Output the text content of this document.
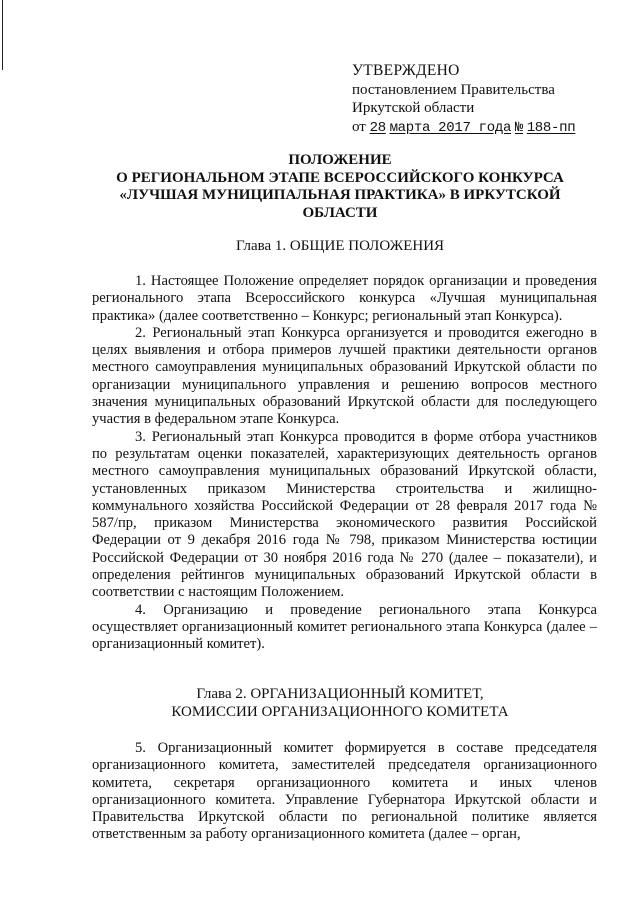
УТВЕРЖДЕНО
постановлением Правительства
Иркутской области
от 28 марта 2017 года № 188-пп
ПОЛОЖЕНИЕ
О РЕГИОНАЛЬНОМ ЭТАПЕ ВСЕРОССИЙСКОГО КОНКУРСА
«ЛУЧШАЯ МУНИЦИПАЛЬНАЯ ПРАКТИКА» В ИРКУТСКОЙ
ОБЛАСТИ
Глава 1. ОБЩИЕ ПОЛОЖЕНИЯ

1. Настоящее Положение определяет порядок организации и проведения регионального этапа Всероссийского конкурса «Лучшая муниципальная практика» (далее соответственно – Конкурс; региональный этап Конкурса).

2. Региональный этап Конкурса организуется и проводится ежегодно в целях выявления и отбора примеров лучшей практики деятельности органов местного самоуправления муниципальных образований Иркутской области по организации муниципального управления и решению вопросов местного значения муниципальных образований Иркутской области для последующего участия в федеральном этапе Конкурса.

3. Региональный этап Конкурса проводится в форме отбора участников по результатам оценки показателей, характеризующих деятельность органов местного самоуправления муниципальных образований Иркутской области, установленных приказом Министерства строительства и жилищно-коммунального хозяйства Российской Федерации от 28 февраля 2017 года № 587/пр, приказом Министерства экономического развития Российской Федерации от 9 декабря 2016 года № 798, приказом Министерства юстиции Российской Федерации от 30 ноября 2016 года № 270 (далее – показатели), и определения рейтингов муниципальных образований Иркутской области в соответствии с настоящим Положением.

4. Организацию и проведение регионального этапа Конкурса осуществляет организационный комитет регионального этапа Конкурса (далее – организационный комитет).

Глава 2. ОРГАНИЗАЦИОННЫЙ КОМИТЕТ,
КОМИССИИ ОРГАНИЗАЦИОННОГО КОМИТЕТА

5. Организационный комитет формируется в составе председателя организационного комитета, заместителей председателя организационного комитета, секретаря организационного комитета и иных членов организационного комитета. Управление Губернатора Иркутской области и Правительства Иркутской области по региональной политике является ответственным за работу организационного комитета (далее – орган,
